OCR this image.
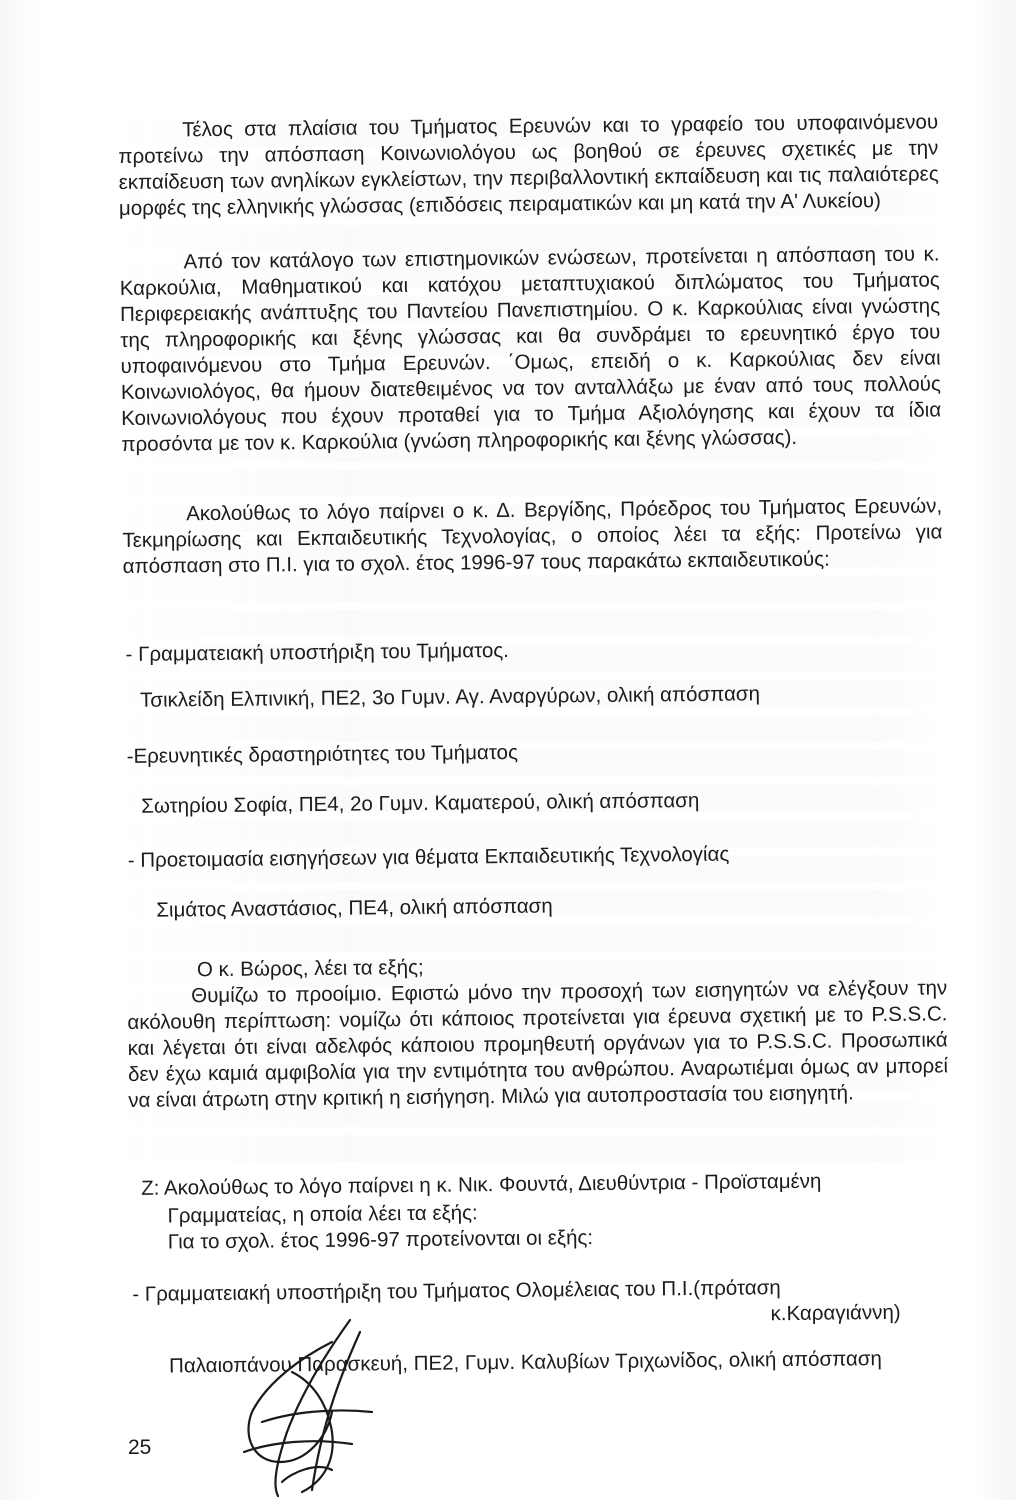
Τέλος στα πλαίσια του Τμήματος Ερευνών και το γραφείο του υποφαινόμενου προτείνω την απόσπαση Κοινωνιολόγου ως βοηθού σε έρευνες σχετικές με την εκπαίδευση των ανηλίκων εγκλείστων, την περιβαλλοντική εκπαίδευση και τις παλαιότερες μορφές της ελληνικής γλώσσας (επιδόσεις πειραματικών και μη κατά την Α' Λυκείου)

Από τον κατάλογο των επιστημονικών ενώσεων, προτείνεται η απόσπαση του κ. Καρκούλια, Μαθηματικού και κατόχου μεταπτυχιακού διπλώματος του Τμήματος Περιφερειακής ανάπτυξης του Παντείου Πανεπιστημίου. Ο κ. Καρκούλιας είναι γνώστης της πληροφορικής και ξένης γλώσσας και θα συνδράμει το ερευνητικό έργο του υποφαινόμενου στο Τμήμα Ερευνών. ΄Ομως, επειδή ο κ. Καρκούλιας δεν είναι Κοινωνιολόγος, θα ήμουν διατεθειμένος να τον ανταλλάξω με έναν από τους πολλούς Κοινωνιολόγους που έχουν προταθεί για το Τμήμα Αξιολόγησης και έχουν τα ίδια προσόντα με τον κ. Καρκούλια (γνώση πληροφορικής και ξένης γλώσσας).

Ακολούθως το λόγο παίρνει ο κ. Δ. Βεργίδης, Πρόεδρος του Τμήματος Ερευνών, Τεκμηρίωσης και Εκπαιδευτικής Τεχνολογίας, ο οποίος λέει τα εξής: Προτείνω για απόσπαση στο Π.Ι. για το σχολ. έτος 1996-97 τους παρακάτω εκπαιδευτικούς:

- Γραμματειακή υποστήριξη του Τμήματος.
Τσικλείδη Ελπινική, ΠΕ2, 3ο Γυμν. Αγ. Αναργύρων, ολική απόσπαση
-Ερευνητικές δραστηριότητες του Τμήματος
Σωτηρίου Σοφία, ΠΕ4, 2ο Γυμν. Καματερού, ολική απόσπαση
- Προετοιμασία εισηγήσεων για θέματα Εκπαιδευτικής Τεχνολογίας
Σιμάτος Αναστάσιος, ΠΕ4, ολική απόσπαση
Ο κ. Βώρος, λέει τα εξής;

Θυμίζω το προοίμιο. Εφιστώ μόνο την προσοχή των εισηγητών να ελέγξουν την ακόλουθη περίπτωση: νομίζω ότι κάποιος προτείνεται για έρευνα σχετική με το P.S.S.C. και λέγεται ότι είναι αδελφός κάποιου προμηθευτή οργάνων για το P.S.S.C. Προσωπικά δεν έχω καμιά αμφιβολία για την εντιμότητα του ανθρώπου. Αναρωτιέμαι όμως αν μπορεί να είναι άτρωτη στην κριτική η εισήγηση. Μιλώ για αυτοπροστασία του εισηγητή.

Ζ: Ακολούθως το λόγο παίρνει η κ. Νικ. Φουντά, Διευθύντρια - Προϊσταμένη
Γραμματείας, η οποία λέει τα εξής:
Για το σχολ. έτος 1996-97 προτείνονται οι εξής:
- Γραμματειακή υποστήριξη του Τμήματος Ολομέλειας του Π.Ι.(πρόταση
κ.Καραγιάννη)
Παλαιοπάνου Παρασκευή, ΠΕ2, Γυμν. Καλυβίων Τριχωνίδος, ολική απόσπαση
25
